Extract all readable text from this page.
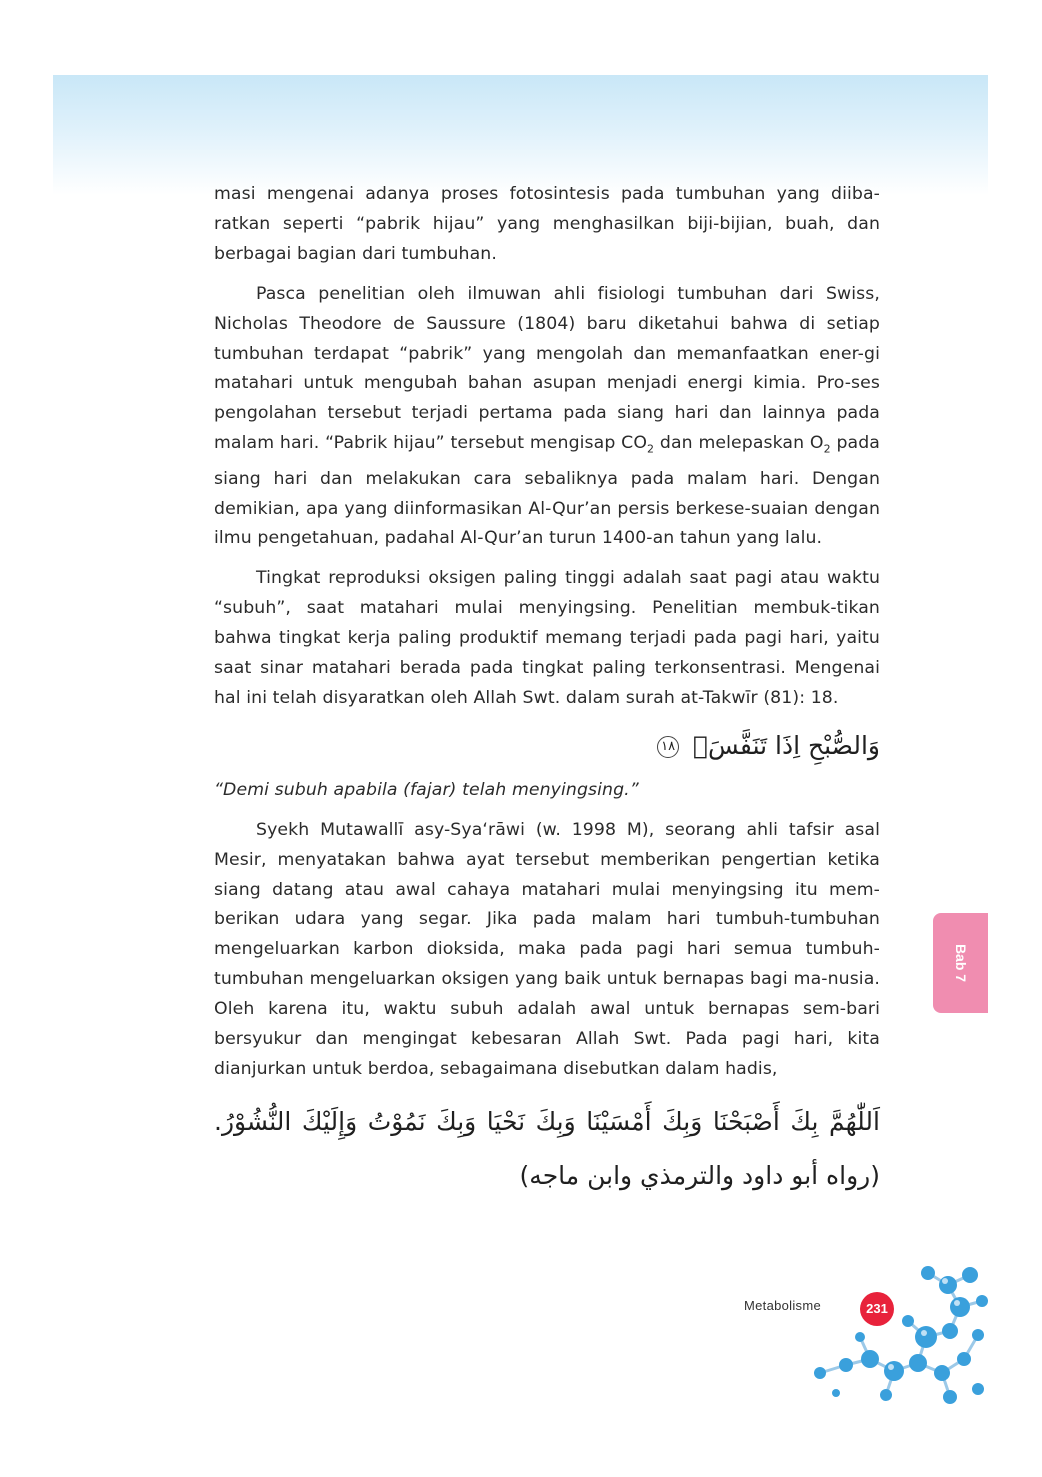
masi mengenai adanya proses fotosintesis pada tumbuhan yang diiba-ratkan seperti “pabrik hijau” yang menghasilkan biji-bijian, buah, dan berbagai bagian dari tumbuhan.

Pasca penelitian oleh ilmuwan ahli fisiologi tumbuhan dari Swiss, Nicholas Theodore de Saussure (1804) baru diketahui bahwa di setiap tumbuhan terdapat “pabrik” yang mengolah dan memanfaatkan ener-gi matahari untuk mengubah bahan asupan menjadi energi kimia. Pro-ses pengolahan tersebut terjadi pertama pada siang hari dan lainnya pada malam hari. “Pabrik hijau” tersebut mengisap $CO_2$ dan melepaskan $O_2$ pada siang hari dan melakukan cara sebaliknya pada malam hari. Dengan demikian, apa yang diinformasikan Al-Qur’an persis berkese-suaian dengan ilmu pengetahuan, padahal Al-Qur’an turun 1400-an tahun yang lalu.

Tingkat reproduksi oksigen paling tinggi adalah saat pagi atau waktu “subuh”, saat matahari mulai menyingsing. Penelitian membuk-tikan bahwa tingkat kerja paling produktif memang terjadi pada pagi hari, yaitu saat sinar matahari berada pada tingkat paling terkonsentrasi. Mengenai hal ini telah disyaratkan oleh Allah Swt. dalam surah at-Takwīr (81): 18.

وَالصُّبْحِ اِذَا تَنَفَّسَۙ ١٨

“Demi subuh apabila (fajar) telah menyingsing.”

Syekh Mutawallī asy-Sya‘rāwi (w. 1998 M), seorang ahli tafsir asal Mesir, menyatakan bahwa ayat tersebut memberikan pengertian ketika siang datang atau awal cahaya matahari mulai menyingsing itu mem-berikan udara yang segar. Jika pada malam hari tumbuh-tumbuhan mengeluarkan karbon dioksida, maka pada pagi hari semua tumbuh-tumbuhan mengeluarkan oksigen yang baik untuk bernapas bagi ma-nusia. Oleh karena itu, waktu subuh adalah awal untuk bernapas sem-bari bersyukur dan mengingat kebesaran Allah Swt. Pada pagi hari, kita dianjurkan untuk berdoa, sebagaimana disebutkan dalam hadis,

اَللّٰهُمَّ بِكَ أَصْبَحْنَا وَبِكَ أَمْسَيْنَا وَبِكَ نَحْيَا وَبِكَ نَمُوْتُ وَإِلَيْكَ النُّشُوْرُ. (رواه أبو داود والترمذي وابن ماجه)
Bab 7
Metabolisme	231
